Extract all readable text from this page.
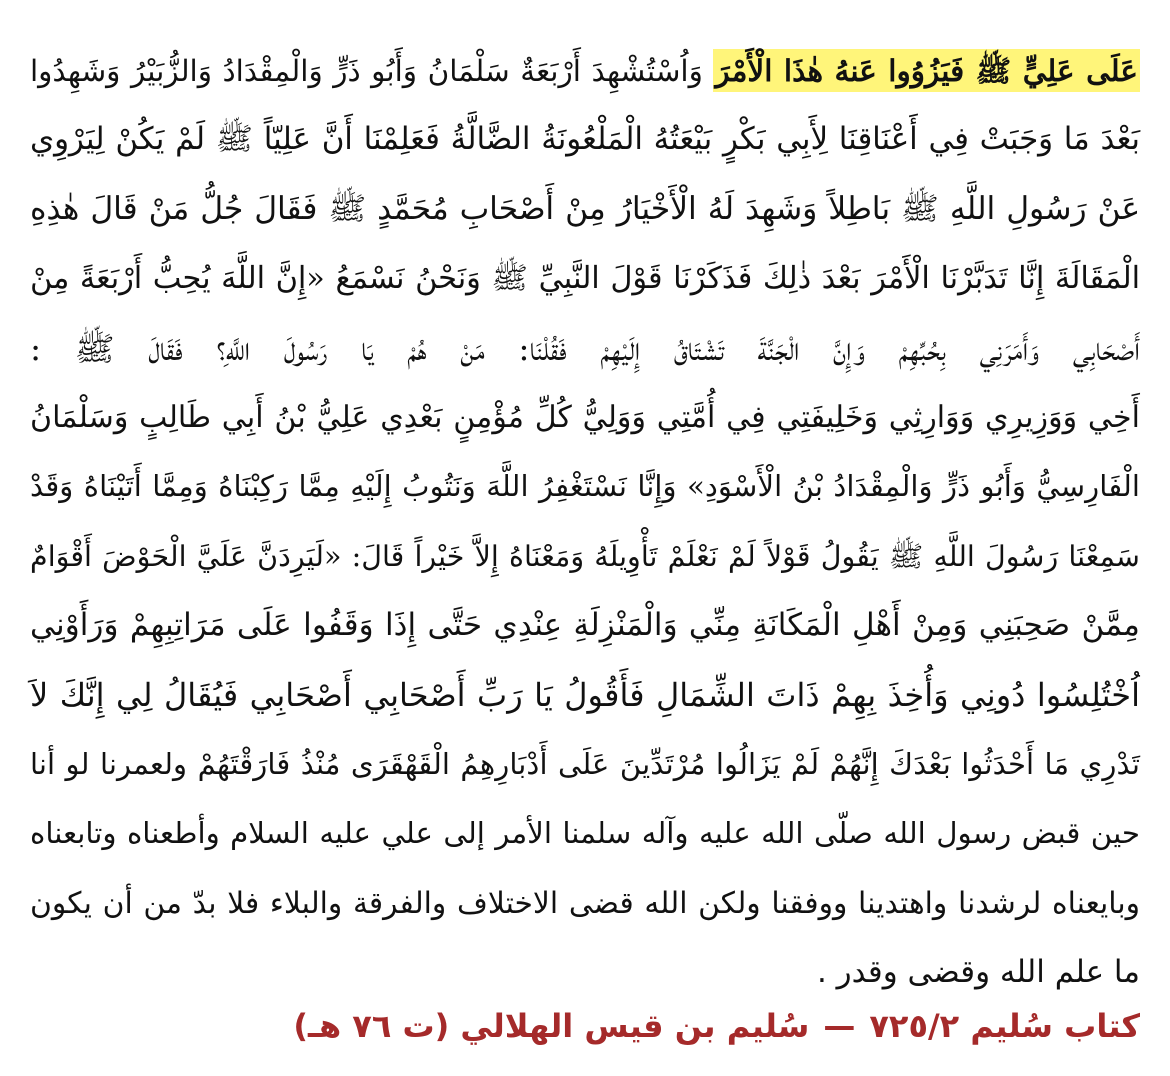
عَلَى عَلِيٍّ ﷺ فَيَزُوُوا عَنهُ هٰذَا الْأَمْرَ وَاُسْتُشْهِدَ أَرْبَعَةٌ سَلْمَانُ وَأَبُو ذَرٍّ وَالْمِقْدَادُ وَالزُّبَيْرُ وَشَهِدُوا
بَعْدَ مَا وَجَبَتْ فِي أَعْنَاقِنَا لِأَبِي بَكْرٍ بَيْعَتُهُ الْمَلْعُونَةُ الضَّالَّةُ فَعَلِمْنَا أَنَّ عَلِيّاً ﷺ لَمْ يَكُنْ لِيَرْوِي
عَنْ رَسُولِ اللَّهِ ﷺ بَاطِلاً وَشَهِدَ لَهُ الْأَخْيَارُ مِنْ أَصْحَابِ مُحَمَّدٍ ﷺ فَقَالَ جُلُّ مَنْ قَالَ هٰذِهِ
الْمَقَالَةَ إِنَّا تَدَبَّرْنَا الْأَمْرَ بَعْدَ ذٰلِكَ فَذَكَرْنَا قَوْلَ النَّبِيِّ ﷺ وَنَحْنُ نَسْمَعُ «إِنَّ اللَّهَ يُحِبُّ أَرْبَعَةً مِنْ
أَصْحَابِي وَأَمَرَنِي بِحُبِّهِمْ وَإِنَّ الْجَنَّةَ تَشْتَاقُ إِلَيْهِمْ فَقُلْنَا: مَنْ هُمْ يَا رَسُولَ اللَّهِ؟ فَقَالَ ﷺ :
أَخِي وَوَزِيرِي وَوَارِثِي وَخَلِيفَتِي فِي أُمَّتِي وَوَلِيُّ كُلِّ مُؤْمِنٍ بَعْدِي عَلِيُّ بْنُ أَبِي طَالِبٍ وَسَلْمَانُ
الْفَارِسِيُّ وَأَبُو ذَرٍّ وَالْمِقْدَادُ بْنُ الْأَسْوَدِ» وَإِنَّا نَسْتَغْفِرُ اللَّهَ وَنَتُوبُ إِلَيْهِ مِمَّا رَكِبْنَاهُ وَمِمَّا أَتَيْنَاهُ وَقَدْ
سَمِعْنَا رَسُولَ اللَّهِ ﷺ يَقُولُ قَوْلاً لَمْ نَعْلَمْ تَأْوِيلَهُ وَمَعْنَاهُ إِلاَّ خَيْراً قَالَ: «لَيَرِدَنَّ عَلَيَّ الْحَوْضَ أَقْوَامٌ
مِمَّنْ صَحِبَنِي وَمِنْ أَهْلِ الْمَكَانَةِ مِنِّي وَالْمَنْزِلَةِ عِنْدِي حَتَّى إِذَا وَقَفُوا عَلَى مَرَاتِبِهِمْ وَرَأَوْنِي
اُخْتُلِسُوا دُونِي وَأُخِذَ بِهِمْ ذَاتَ الشِّمَالِ فَأَقُولُ يَا رَبِّ أَصْحَابِي أَصْحَابِي فَيُقَالُ لِي إِنَّكَ لاَ
تَدْرِي مَا أَحْدَثُوا بَعْدَكَ إِنَّهُمْ لَمْ يَزَالُوا مُرْتَدِّينَ عَلَى أَدْبَارِهِمُ الْقَهْقَرَى مُنْذُ فَارَقْتَهُمْ ولعمرنا لو أنا
حين قبض رسول الله صلّى الله عليه وآله سلمنا الأمر إلى علي عليه السلام وأطعناه وتابعناه
وبايعناه لرشدنا واهتدينا ووفقنا ولكن الله قضى الاختلاف والفرقة والبلاء فلا بدّ من أن يكون
ما علم الله وقضى وقدر .
كتاب سُليم ٧٢٥/٢—سُليم بن قيس الهلالي (ت ٧٦ هـ)
